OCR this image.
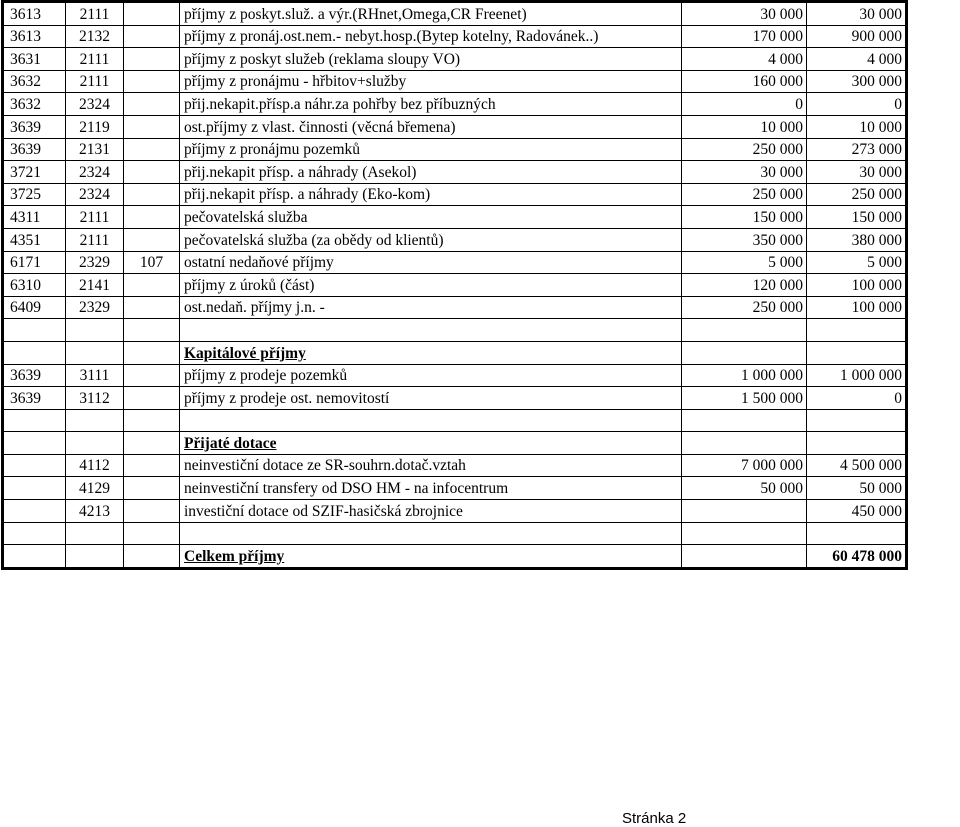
3613	2111		příjmy z poskyt.služ. a výr.(RHnet,Omega,CR Freenet)	30 000	30 000
3613	2132		příjmy z pronáj.ost.nem.- nebyt.hosp.(Bytep kotelny, Radovánek..)	170 000	900 000
3631	2111		příjmy z poskyt služeb (reklama sloupy VO)	4 000	4 000
3632	2111		příjmy z pronájmu - hřbitov+služby	160 000	300 000
3632	2324		přij.nekapit.přísp.a náhr.za pohřby bez příbuzných	0	0
3639	2119		ost.příjmy z vlast. činnosti (věcná břemena)	10 000	10 000
3639	2131		příjmy z pronájmu pozemků	250 000	273 000
3721	2324		přij.nekapit přísp. a náhrady (Asekol)	30 000	30 000
3725	2324		přij.nekapit přísp. a náhrady (Eko-kom)	250 000	250 000
4311	2111		pečovatelská služba	150 000	150 000
4351	2111		pečovatelská služba (za obědy od klientů)	350 000	380 000
6171	2329	107	ostatní nedaňové příjmy	5 000	5 000
6310	2141		příjmy z úroků (část)	120 000	100 000
6409	2329		ost.nedaň. příjmy j.n. -	250 000	100 000

			Kapitálové příjmy		
3639	3111		příjmy z prodeje pozemků	1 000 000	1 000 000
3639	3112		příjmy z prodeje ost. nemovitostí	1 500 000	0

			Přijaté dotace		
	4112		neinvestiční dotace ze SR-souhrn.dotač.vztah	7 000 000	4 500 000
	4129		neinvestiční transfery od DSO HM - na infocentrum	50 000	50 000
	4213		investiční dotace od SZIF-hasičská zbrojnice		450 000

			Celkem příjmy		60 478 000
Stránka 2
